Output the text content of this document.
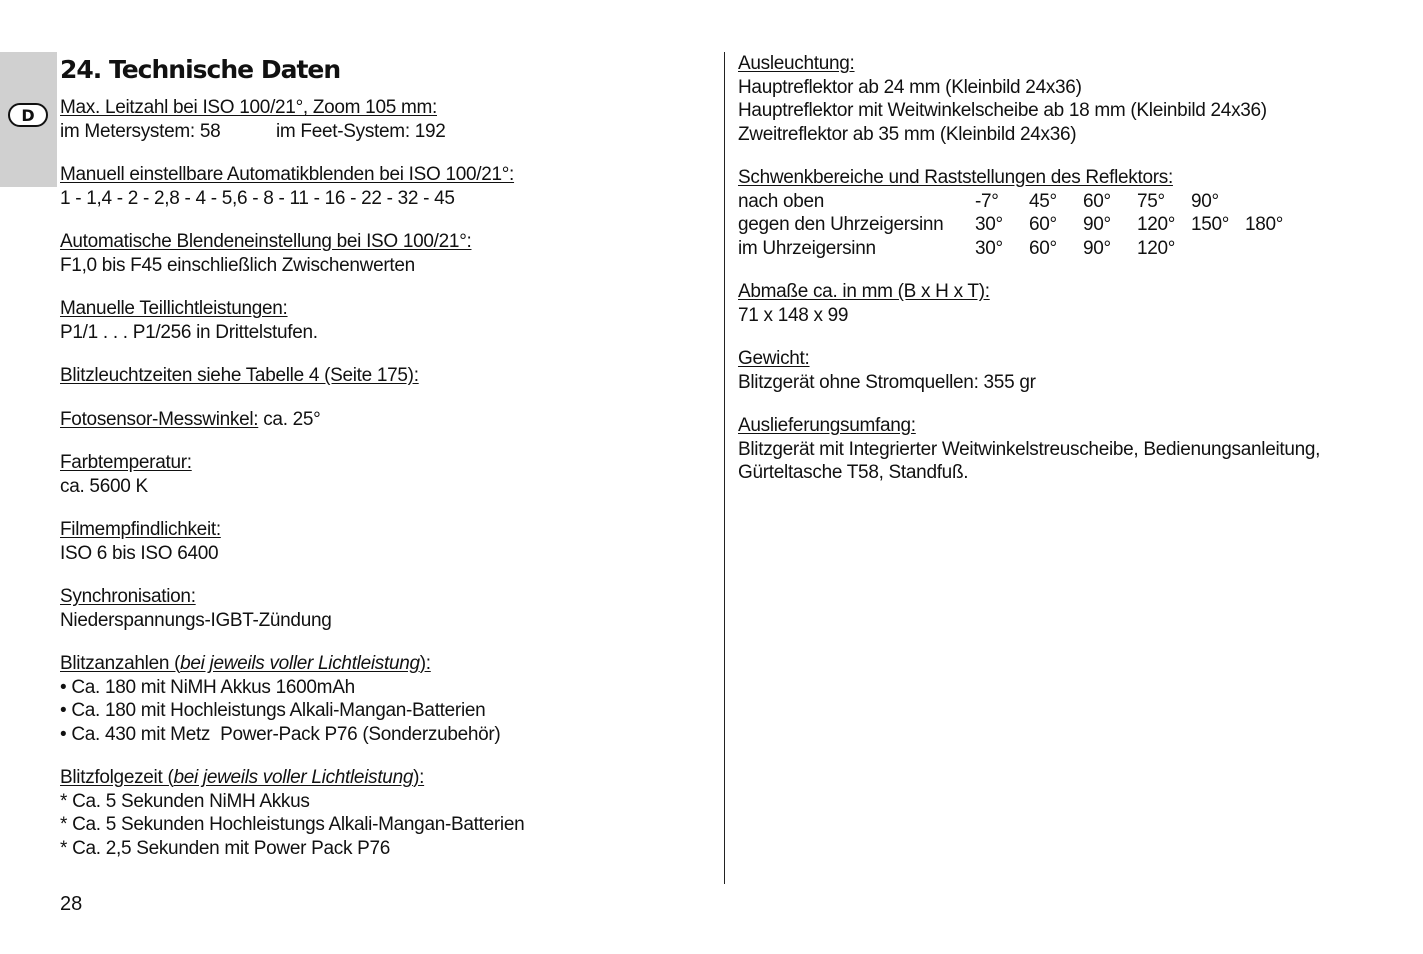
D
24. Technische Daten
Max. Leitzahl bei ISO 100/21°, Zoom 105 mm:
im Metersystem: 58	im Feet-System: 192
Manuell einstellbare Automatikblenden bei ISO 100/21°:
1 - 1,4 - 2 - 2,8 - 4 - 5,6 - 8 - 11 - 16 - 22 - 32 - 45
Automatische Blendeneinstellung bei ISO 100/21°:
F1,0 bis F45 einschließlich Zwischenwerten
Manuelle Teillichtleistungen:
P1/1 . . . P1/256 in Drittelstufen.
Blitzleuchtzeiten siehe Tabelle 4 (Seite 175):
Fotosensor-Messwinkel: ca. 25°
Farbtemperatur:
ca. 5600 K
Filmempfindlichkeit:
ISO 6 bis ISO 6400
Synchronisation:
Niederspannungs-IGBT-Zündung
Blitzanzahlen (bei jeweils voller Lichtleistung):
• Ca. 180 mit NiMH Akkus 1600mAh
• Ca. 180 mit Hochleistungs Alkali-Mangan-Batterien
• Ca. 430 mit Metz  Power-Pack P76 (Sonderzubehör)
Blitzfolgezeit (bei jeweils voller Lichtleistung):
* Ca. 5 Sekunden NiMH Akkus
* Ca. 5 Sekunden Hochleistungs Alkali-Mangan-Batterien
* Ca. 2,5 Sekunden mit Power Pack P76
Ausleuchtung:
Hauptreflektor ab 24 mm (Kleinbild 24x36)
Hauptreflektor mit Weitwinkelscheibe ab 18 mm (Kleinbild 24x36)
Zweitreflektor ab 35 mm (Kleinbild 24x36)
Schwenkbereiche und Raststellungen des Reflektors:
nach oben	-7°	45°	60°	75°	90°	
gegen den Uhrzeigersinn	30°	60°	90°	120°	150°	180°
im Uhrzeigersinn	30°	60°	90°	120°		
Abmaße ca. in mm (B x H x T):
71 x 148 x 99
Gewicht:
Blitzgerät ohne Stromquellen: 355 gr
Auslieferungsumfang:
Blitzgerät mit Integrierter Weitwinkelstreuscheibe, Bedienungsanleitung,
Gürteltasche T58, Standfuß.
28
